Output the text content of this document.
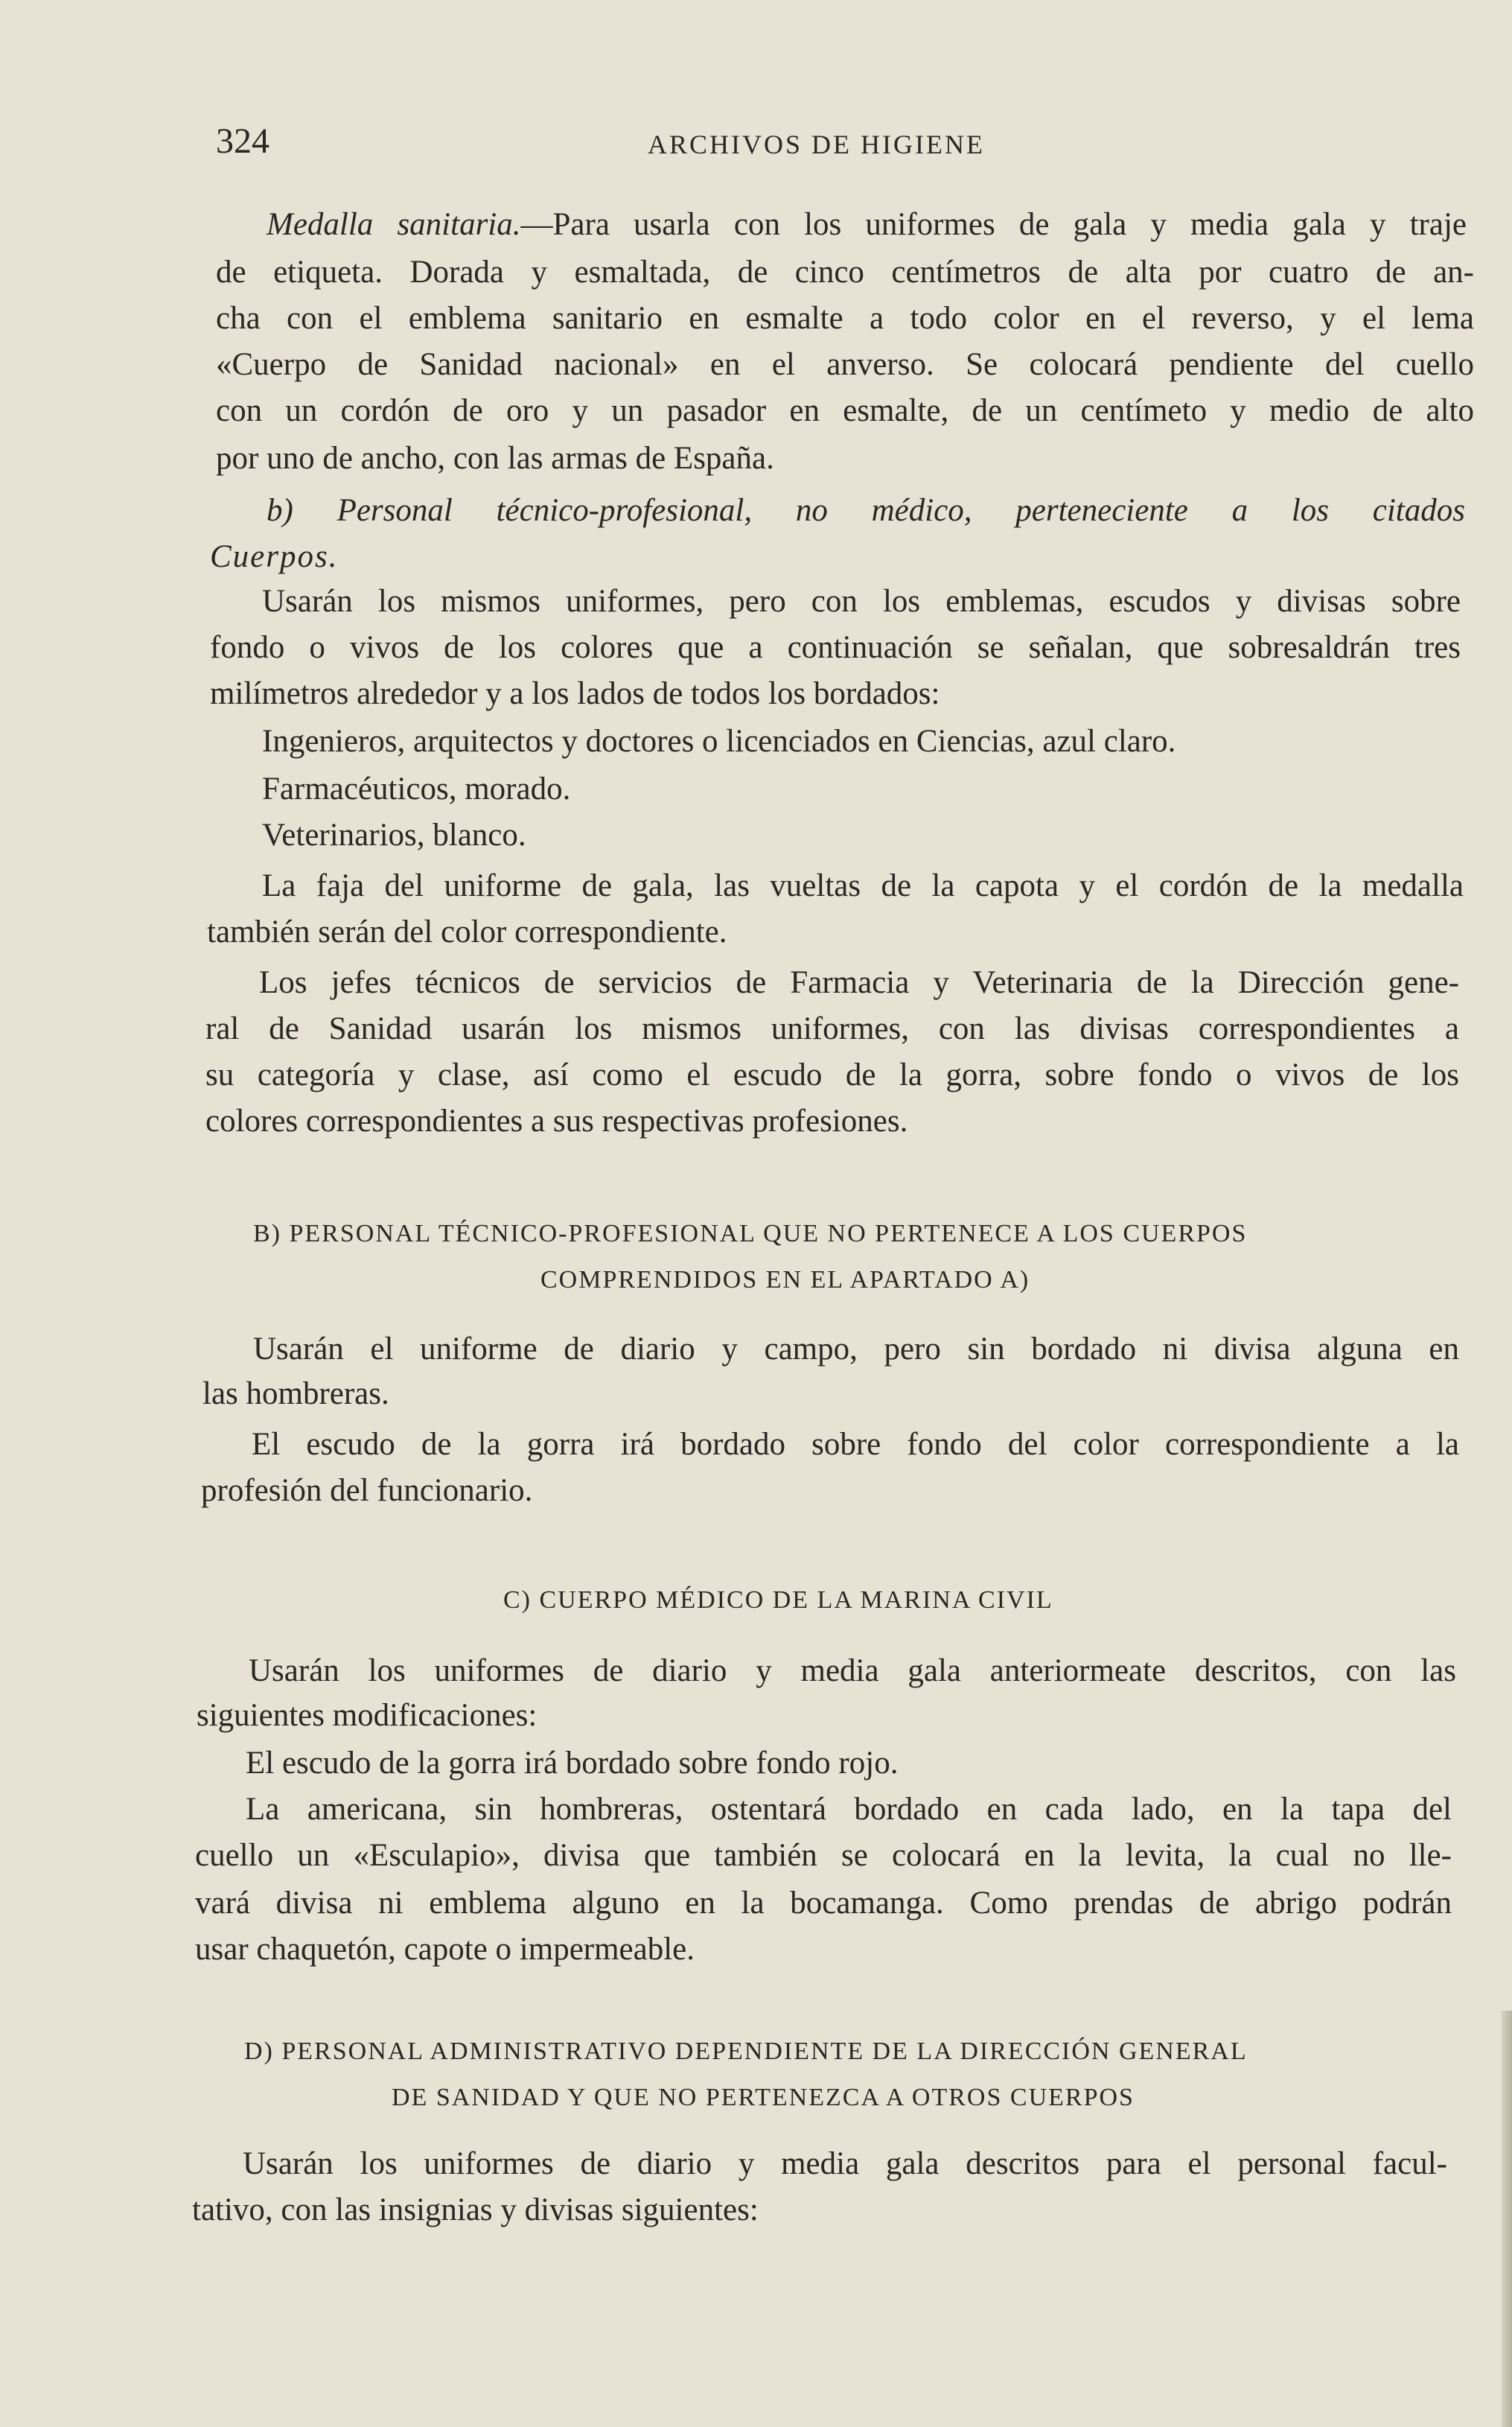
324	ARCHIVOS DE HIGIENE
Medalla sanitaria.—Para usarla con los uniformes de gala y media gala y traje
de etiqueta. Dorada y esmaltada, de cinco centímetros de alta por cuatro de an-
cha con el emblema sanitario en esmalte a todo color en el reverso, y el lema
«Cuerpo de Sanidad nacional» en el anverso. Se colocará pendiente del cuello
con un cordón de oro y un pasador en esmalte, de un centímeto y medio de alto
por uno de ancho, con las armas de España.
b) Personal técnico-profesional, no médico, perteneciente a los citados
Cuerpos.
Usarán los mismos uniformes, pero con los emblemas, escudos y divisas sobre
fondo o vivos de los colores que a continuación se señalan, que sobresaldrán tres
milímetros alrededor y a los lados de todos los bordados:
Ingenieros, arquitectos y doctores o licenciados en Ciencias, azul claro.
Farmacéuticos, morado.
Veterinarios, blanco.
La faja del uniforme de gala, las vueltas de la capota y el cordón de la medalla
también serán del color correspondiente.
Los jefes técnicos de servicios de Farmacia y Veterinaria de la Dirección gene-
ral de Sanidad usarán los mismos uniformes, con las divisas correspondientes a
su categoría y clase, así como el escudo de la gorra, sobre fondo o vivos de los
colores correspondientes a sus respectivas profesiones.
B) PERSONAL TÉCNICO-PROFESIONAL QUE NO PERTENECE A LOS CUERPOS
COMPRENDIDOS EN EL APARTADO A)
Usarán el uniforme de diario y campo, pero sin bordado ni divisa alguna en
las hombreras.
El escudo de la gorra irá bordado sobre fondo del color correspondiente a la
profesión del funcionario.
C) CUERPO MÉDICO DE LA MARINA CIVIL
Usarán los uniformes de diario y media gala anteriormeate descritos, con las
siguientes modificaciones:
El escudo de la gorra irá bordado sobre fondo rojo.
La americana, sin hombreras, ostentará bordado en cada lado, en la tapa del
cuello un «Esculapio», divisa que también se colocará en la levita, la cual no lle-
vará divisa ni emblema alguno en la bocamanga. Como prendas de abrigo podrán
usar chaquetón, capote o impermeable.
D) PERSONAL ADMINISTRATIVO DEPENDIENTE DE LA DIRECCIÓN GENERAL
DE SANIDAD Y QUE NO PERTENEZCA A OTROS CUERPOS
Usarán los uniformes de diario y media gala descritos para el personal facul-
tativo, con las insignias y divisas siguientes:
